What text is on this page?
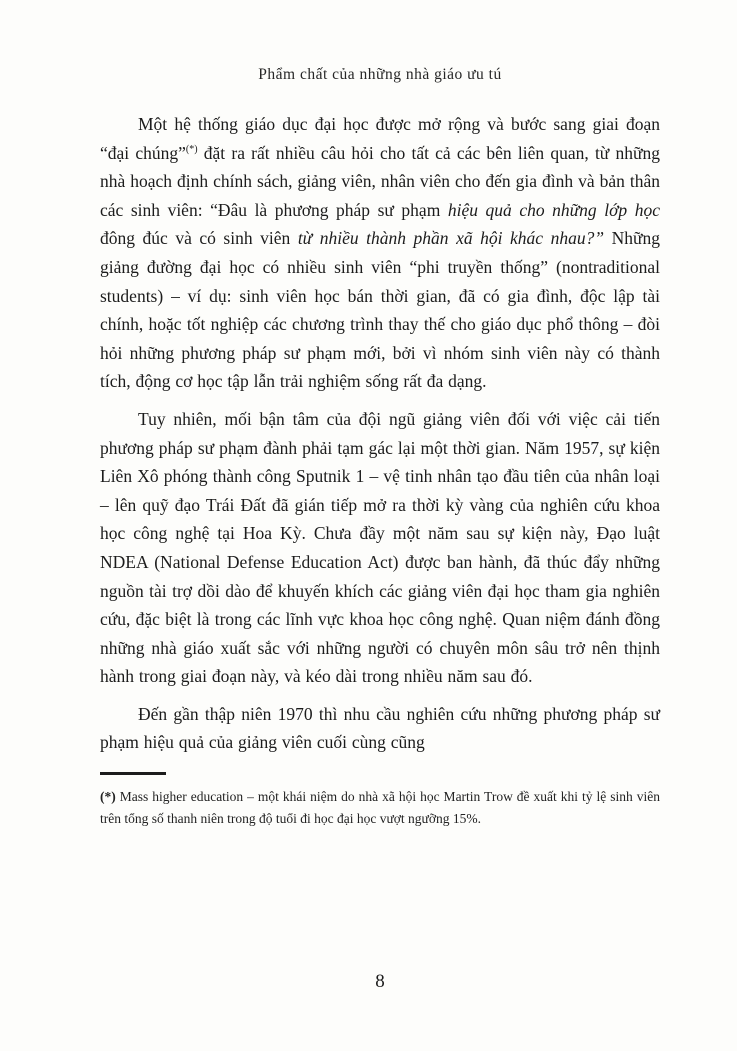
Phẩm chất của những nhà giáo ưu tú

Một hệ thống giáo dục đại học được mở rộng và bước sang giai đoạn “đại chúng”(*) đặt ra rất nhiều câu hỏi cho tất cả các bên liên quan, từ những nhà hoạch định chính sách, giảng viên, nhân viên cho đến gia đình và bản thân các sinh viên: “Đâu là phương pháp sư phạm hiệu quả cho những lớp học đông đúc và có sinh viên từ nhiều thành phần xã hội khác nhau?” Những giảng đường đại học có nhiều sinh viên “phi truyền thống” (nontraditional students) – ví dụ: sinh viên học bán thời gian, đã có gia đình, độc lập tài chính, hoặc tốt nghiệp các chương trình thay thế cho giáo dục phổ thông – đòi hỏi những phương pháp sư phạm mới, bởi vì nhóm sinh viên này có thành tích, động cơ học tập lẫn trải nghiệm sống rất đa dạng.

Tuy nhiên, mối bận tâm của đội ngũ giảng viên đối với việc cải tiến phương pháp sư phạm đành phải tạm gác lại một thời gian. Năm 1957, sự kiện Liên Xô phóng thành công Sputnik 1 – vệ tinh nhân tạo đầu tiên của nhân loại – lên quỹ đạo Trái Đất đã gián tiếp mở ra thời kỳ vàng của nghiên cứu khoa học công nghệ tại Hoa Kỳ. Chưa đầy một năm sau sự kiện này, Đạo luật NDEA (National Defense Education Act) được ban hành, đã thúc đẩy những nguồn tài trợ dồi dào để khuyến khích các giảng viên đại học tham gia nghiên cứu, đặc biệt là trong các lĩnh vực khoa học công nghệ. Quan niệm đánh đồng những nhà giáo xuất sắc với những người có chuyên môn sâu trở nên thịnh hành trong giai đoạn này, và kéo dài trong nhiều năm sau đó.

Đến gần thập niên 1970 thì nhu cầu nghiên cứu những phương pháp sư phạm hiệu quả của giảng viên cuối cùng cũng

(*) Mass higher education – một khái niệm do nhà xã hội học Martin Trow đề xuất khi tỷ lệ sinh viên trên tổng số thanh niên trong độ tuổi đi học đại học vượt ngưỡng 15%.
8
